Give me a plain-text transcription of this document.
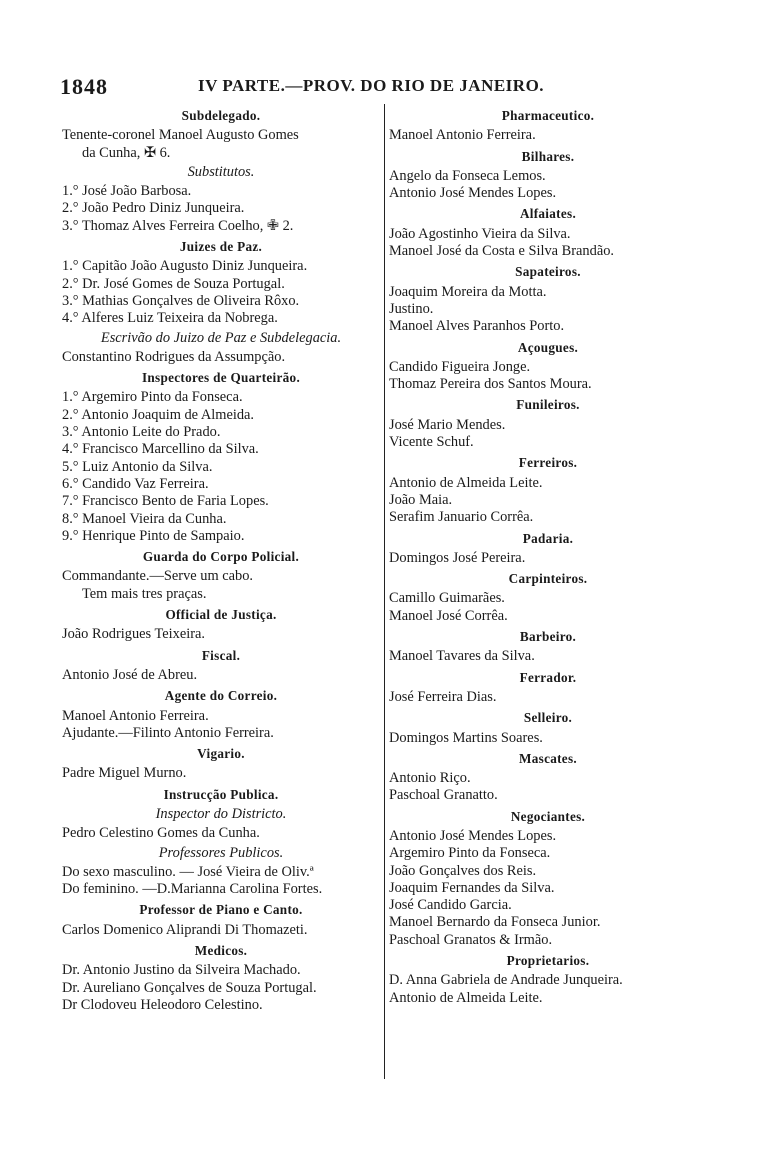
1848	IV PARTE.—PROV. DO RIO DE JANEIRO.
Subdelegado.
Tenente-coronel Manoel Augusto Gomes
da Cunha, ✠ 6.
Substitutos.
1.° José João Barbosa.
2.° João Pedro Diniz Junqueira.
3.° Thomaz Alves Ferreira Coelho, ✙ 2.
Juizes de Paz.
1.° Capitão João Augusto Diniz Junqueira.
2.° Dr. José Gomes de Souza Portugal.
3.° Mathias Gonçalves de Oliveira Rôxo.
4.° Alferes Luiz Teixeira da Nobrega.
Escrivão do Juizo de Paz e Subdelegacia.
Constantino Rodrigues da Assumpção.
Inspectores de Quarteirão.
1.° Argemiro Pinto da Fonseca.
2.° Antonio Joaquim de Almeida.
3.° Antonio Leite do Prado.
4.° Francisco Marcellino da Silva.
5.° Luiz Antonio da Silva.
6.° Candido Vaz Ferreira.
7.° Francisco Bento de Faria Lopes.
8.° Manoel Vieira da Cunha.
9.° Henrique Pinto de Sampaio.
Guarda do Corpo Policial.
Commandante.—Serve um cabo.
Tem mais tres praças.
Official de Justiça.
João Rodrigues Teixeira.
Fiscal.
Antonio José de Abreu.
Agente do Correio.
Manoel Antonio Ferreira.
Ajudante.—Filinto Antonio Ferreira.
Vigario.
Padre Miguel Murno.
Instrucção Publica.
Inspector do Districto.
Pedro Celestino Gomes da Cunha.
Professores Publicos.
Do sexo masculino. — José Vieira de Oliv.ª
Do feminino. —D.Marianna Carolina Fortes.
Professor de Piano e Canto.
Carlos Domenico Aliprandi Di Thomazeti.
Medicos.
Dr. Antonio Justino da Silveira Machado.
Dr. Aureliano Gonçalves de Souza Portugal.
Dr Clodoveu Heleodoro Celestino.
Pharmaceutico.
Manoel Antonio Ferreira.
Bilhares.
Angelo da Fonseca Lemos.
Antonio José Mendes Lopes.
Alfaiates.
João Agostinho Vieira da Silva.
Manoel José da Costa e Silva Brandão.
Sapateiros.
Joaquim Moreira da Motta.
Justino.
Manoel Alves Paranhos Porto.
Açougues.
Candido Figueira Jonge.
Thomaz Pereira dos Santos Moura.
Funileiros.
José Mario Mendes.
Vicente Schuf.
Ferreiros.
Antonio de Almeida Leite.
João Maia.
Serafim Januario Corrêa.
Padaria.
Domingos José Pereira.
Carpinteiros.
Camillo Guimarães.
Manoel José Corrêa.
Barbeiro.
Manoel Tavares da Silva.
Ferrador.
José Ferreira Dias.
Selleiro.
Domingos Martins Soares.
Mascates.
Antonio Riço.
Paschoal Granatto.
Negociantes.
Antonio José Mendes Lopes.
Argemiro Pinto da Fonseca.
João Gonçalves dos Reis.
Joaquim Fernandes da Silva.
José Candido Garcia.
Manoel Bernardo da Fonseca Junior.
Paschoal Granatos & Irmão.
Proprietarios.
D. Anna Gabriela de Andrade Junqueira.
Antonio de Almeida Leite.
